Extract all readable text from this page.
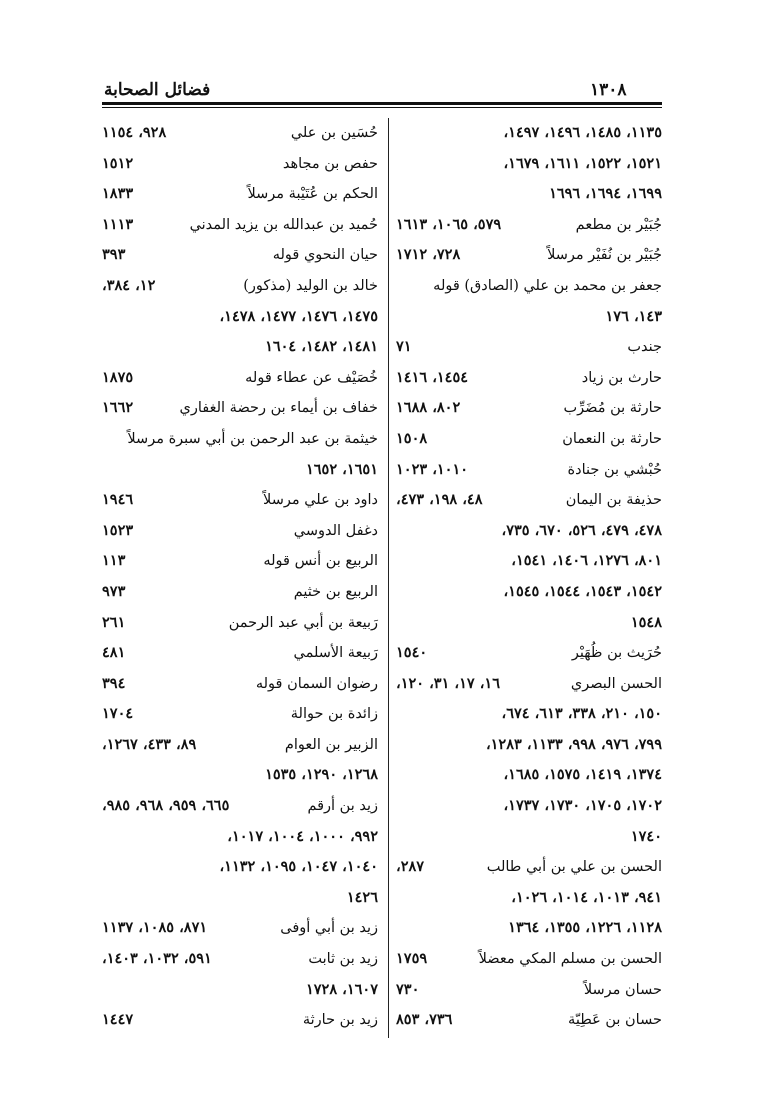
فضائل الصحابة	١٣٠٨
١١٣٥، ١٤٨٥، ١٤٩٦، ١٤٩٧،
١٥٢١، ١٥٢٢، ١٦١١، ١٦٧٩،
١٦٩٩، ١٦٩٤، ١٦٩٦
جُبَيْر بن مطعم
٥٧٩، ١٠٦٥، ١٦١٣
جُبَيْر بن نُفَيْر مرسلاً
٧٢٨، ١٧١٢
جعفر بن محمد بن علي (الصادق) قوله
١٤٣، ١٧٦
جندب
٧١
حارث بن زياد
١٤٥٤، ١٤١٦
حارثة بن مُضَرِّب
٨٠٢، ١٦٨٨
حارثة بن النعمان
١٥٠٨
حُبْشي بن جنادة
١٠١٠، ١٠٢٣
حذيفة بن اليمان
٤٨، ١٩٨، ٤٧٣،
٤٧٨، ٤٧٩، ٥٢٦، ٦٧٠، ٧٣٥،
٨٠١، ١٢٧٦، ١٤٠٦، ١٥٤١،
١٥٤٢، ١٥٤٣، ١٥٤٤، ١٥٤٥،
١٥٤٨
حُرَيث بن ظُهَيْر
١٥٤٠
الحسن البصري
١٦، ١٧، ٣١، ١٢٠،
١٥٠، ٢١٠، ٣٣٨، ٦١٣، ٦٧٤،
٧٩٩، ٩٧٦، ٩٩٨، ١١٣٣، ١٢٨٣،
١٣٧٤، ١٤١٩، ١٥٧٥، ١٦٨٥،
١٧٠٢، ١٧٠٥، ١٧٣٠، ١٧٣٧،
١٧٤٠
الحسن بن علي بن أبي طالب
٢٨٧،
٩٤١، ١٠١٣، ١٠١٤، ١٠٢٦،
١١٢٨، ١٢٢٦، ١٣٥٥، ١٣٦٤
الحسن بن مسلم المكي معضلاً
١٧٥٩
حسان مرسلاً
٧٣٠
حسان بن عَطِيّة
٧٣٦، ٨٥٣
حُسَين بن علي
٩٢٨، ١١٥٤
حفص بن مجاهد
١٥١٢
الحكم بن عُتَيْبة مرسلاً
١٨٣٣
حُميد بن عبدالله بن يزيد المدني
١١١٣
حيان النحوي قوله
٣٩٣
خالد بن الوليد (مذكور)
١٢، ٣٨٤،
١٤٧٥، ١٤٧٦، ١٤٧٧، ١٤٧٨،
١٤٨١، ١٤٨٢، ١٦٠٤
خُصَيْف عن عطاء قوله
١٨٧٥
خفاف بن أيماء بن رحضة الغفاري
١٦٦٢
خيثمة بن عبد الرحمن بن أبي سبرة مرسلاً
١٦٥١، ١٦٥٢
داود بن علي مرسلاً
١٩٤٦
دغفل الدوسي
١٥٢٣
الربيع بن أنس قوله
١١٣
الربيع بن خثيم
٩٧٣
رَبيعة بن أبي عبد الرحمن
٢٦١
رَبيعة الأسلمي
٤٨١
رضوان السمان قوله
٣٩٤
زائدة بن حوالة
١٧٠٤
الزبير بن العوام
٨٩، ٤٣٣، ١٢٦٧،
١٢٦٨، ١٢٩٠، ١٥٣٥
زيد بن أرقم
٦٦٥، ٩٥٩، ٩٦٨، ٩٨٥،
٩٩٢، ١٠٠٠، ١٠٠٤، ١٠١٧،
١٠٤٠، ١٠٤٧، ١٠٩٥، ١١٣٢،
١٤٢٦
زيد بن أبي أوفى
٨٧١، ١٠٨٥، ١١٣٧
زيد بن ثابت
٥٩١، ١٠٣٢، ١٤٠٣،
١٦٠٧، ١٧٢٨
زيد بن حارثة
١٤٤٧
